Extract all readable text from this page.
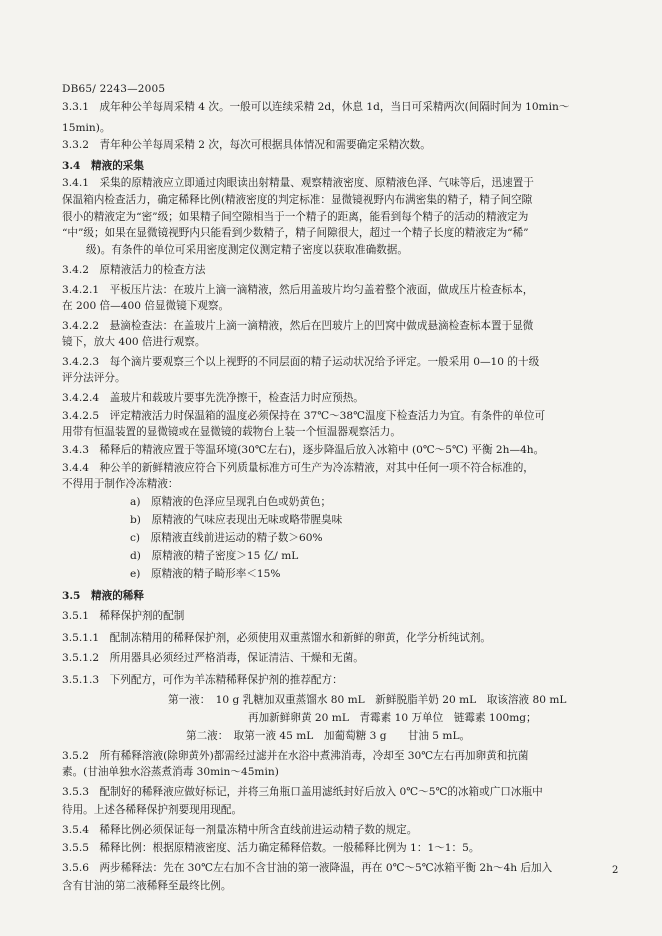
DB65/ 2243—2005
3.3.1　成年种公羊每周采精 4 次。一般可以连续采精 2d，休息 1d，当日可采精两次(间隔时间为 10min～
15min)。
3.3.2　青年种公羊每周采精 2 次，每次可根据具体情况和需要确定采精次数。
3.4　精液的采集
3.4.1　采集的原精液应立即通过肉眼读出射精量、观察精液密度、原精液色泽、气味等后，迅速置于
保温箱内检查活力，确定稀释比例(精液密度的判定标准：显微镜视野内布满密集的精子，精子间空隙
很小的精液定为“密”级；如果精子间空隙相当于一个精子的距离，能看到每个精子的活动的精液定为
“中”级；如果在显微镜视野内只能看到少数精子，精子间隙很大，超过一个精子长度的精液定为“稀”
级)。有条件的单位可采用密度测定仪测定精子密度以获取准确数据。
3.4.2　原精液活力的检查方法
3.4.2.1　平板压片法：在玻片上滴一滴精液，然后用盖玻片均匀盖着整个液面，做成压片检查标本，
在 200 倍—400 倍显微镜下观察。
3.4.2.2　悬滴检查法：在盖玻片上滴一滴精液，然后在凹玻片上的凹窝中做成悬滴检查标本置于显微
镜下，放大 400 倍进行观察。
3.4.2.3　每个滴片要观察三个以上视野的不同层面的精子运动状况给予评定。一般采用 0—10 的十级
评分法评分。
3.4.2.4　盖玻片和载玻片要事先洗净擦干，检查活力时应预热。
3.4.2.5　评定精液活力时保温箱的温度必须保持在 37℃～38℃温度下检查活力为宜。有条件的单位可
用带有恒温装置的显微镜或在显微镜的载物台上装一个恒温器观察活力。
3.4.3　稀释后的精液应置于等温环境(30℃左右)，逐步降温后放入冰箱中 (0℃～5℃) 平衡 2h—4h。
3.4.4　种公羊的新鲜精液应符合下列质量标准方可生产为冷冻精液，对其中任何一项不符合标准的，
不得用于制作冷冻精液：
a)　原精液的色泽应呈现乳白色或奶黄色；
b)　原精液的气味应表现出无味或略带腥臭味
c)　原精液直线前进运动的精子数＞60%
d)　原精液的精子密度＞15 亿/ mL
e)　原精液的精子畸形率＜15%
3.5　精液的稀释
3.5.1　稀释保护剂的配制
3.5.1.1　配制冻精用的稀释保护剂，必须使用双重蒸馏水和新鲜的卵黄，化学分析纯试剂。
3.5.1.2　所用器具必须经过严格消毒，保证清洁、干燥和无菌。
3.5.1.3　下列配方，可作为羊冻精稀释保护剂的推荐配方：
第一液：　10 g 乳糖加双重蒸馏水 80 mL　新鲜脱脂羊奶 20 mL　取该溶液 80 mL
再加新鲜卵黄 20 mL　青霉素 10 万单位　链霉素 100mg；
第二液：　取第一液 45 mL　加葡萄糖 3 g　　甘油 5 mL。
3.5.2　所有稀释溶液(除卵黄外)都需经过滤并在水浴中煮沸消毒，冷却至 30℃左右再加卵黄和抗菌
素。(甘油单独水浴蒸煮消毒 30min～45min)
3.5.3　配制好的稀释液应做好标记，并将三角瓶口盖用滤纸封好后放入 0℃～5℃的冰箱或广口冰瓶中
待用。上述各稀释保护剂要现用现配。
3.5.4　稀释比例必须保证每一剂量冻精中所含直线前进运动精子数的规定。
3.5.5　稀释比例：根据原精液密度、活力确定稀释倍数。一般稀释比例为 1：1～1：5。
3.5.6　两步稀释法：先在 30℃左右加不含甘油的第一液降温，再在 0℃～5℃冰箱平衡 2h～4h 后加入
含有甘油的第二液稀释至最终比例。
2
